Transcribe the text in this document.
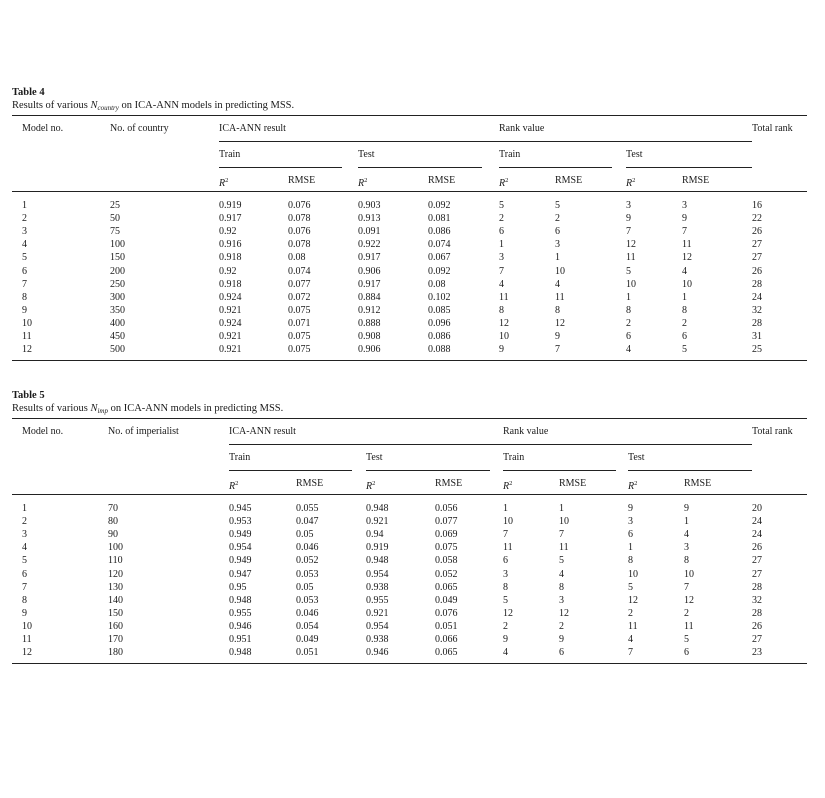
Table 4
Results of various $N_{country}$ on ICA-ANN models in predicting MSS.
Model no.	No. of country	ICA-ANN result	Rank value	Total rank
Train	Test	Train	Test
$R^2$	RMSE	$R^2$	RMSE	$R^2$	RMSE	$R^2$	RMSE
1	25	0.919	0.076	0.903	0.092	5	5	3	3	16
2	50	0.917	0.078	0.913	0.081	2	2	9	9	22
3	75	0.92	0.076	0.091	0.086	6	6	7	7	26
4	100	0.916	0.078	0.922	0.074	1	3	12	11	27
5	150	0.918	0.08	0.917	0.067	3	1	11	12	27
6	200	0.92	0.074	0.906	0.092	7	10	5	4	26
7	250	0.918	0.077	0.917	0.08	4	4	10	10	28
8	300	0.924	0.072	0.884	0.102	11	11	1	1	24
9	350	0.921	0.075	0.912	0.085	8	8	8	8	32
10	400	0.924	0.071	0.888	0.096	12	12	2	2	28
11	450	0.921	0.075	0.908	0.086	10	9	6	6	31
12	500	0.921	0.075	0.906	0.088	9	7	4	5	25
Table 5
Results of various $N_{imp}$ on ICA-ANN models in predicting MSS.
Model no.	No. of imperialist	ICA-ANN result	Rank value	Total rank
Train	Test	Train	Test
$R^2$	RMSE	$R^2$	RMSE	$R^2$	RMSE	$R^2$	RMSE
1	70	0.945	0.055	0.948	0.056	1	1	9	9	20
2	80	0.953	0.047	0.921	0.077	10	10	3	1	24
3	90	0.949	0.05	0.94	0.069	7	7	6	4	24
4	100	0.954	0.046	0.919	0.075	11	11	1	3	26
5	110	0.949	0.052	0.948	0.058	6	5	8	8	27
6	120	0.947	0.053	0.954	0.052	3	4	10	10	27
7	130	0.95	0.05	0.938	0.065	8	8	5	7	28
8	140	0.948	0.053	0.955	0.049	5	3	12	12	32
9	150	0.955	0.046	0.921	0.076	12	12	2	2	28
10	160	0.946	0.054	0.954	0.051	2	2	11	11	26
11	170	0.951	0.049	0.938	0.066	9	9	4	5	27
12	180	0.948	0.051	0.946	0.065	4	6	7	6	23
